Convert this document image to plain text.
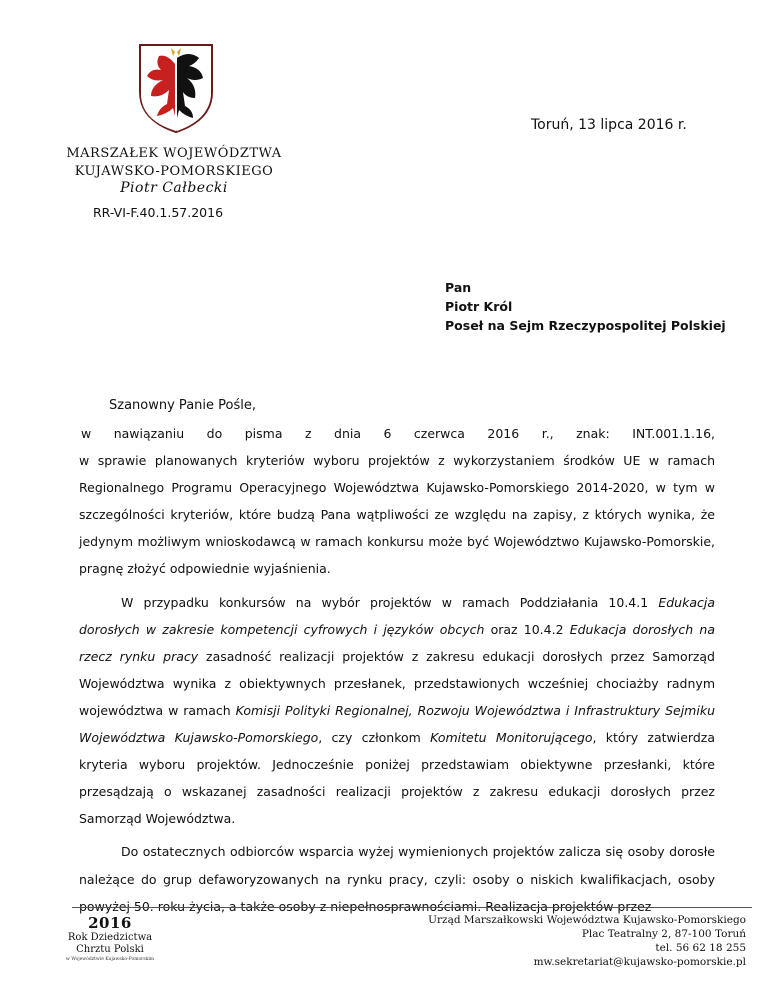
Toruń, 13 lipca 2016 r.
MARSZAŁEK WOJEWÓDZTWA
KUJAWSKO-POMORSKIEGO
Piotr Całbecki
RR-VI-F.40.1.57.2016
Pan
Piotr Król
Poseł na Sejm Rzeczypospolitej Polskiej
Szanowny Panie Pośle,

w nawiązaniu do pisma z dnia 6 czerwca 2016 r., znak: INT.001.1.16,
w sprawie planowanych kryteriów wyboru projektów z wykorzystaniem środków UE w ramach Regionalnego Programu Operacyjnego Województwa Kujawsko-Pomorskiego 2014-2020, w tym w szczególności kryteriów, które budzą Pana wątpliwości ze względu na zapisy, z których wynika, że jedynym możliwym wnioskodawcą w ramach konkursu może być Województwo Kujawsko-Pomorskie, pragnę złożyć odpowiednie wyjaśnienia.

W przypadku konkursów na wybór projektów w ramach Poddziałania 10.4.1 Edukacja dorosłych w zakresie kompetencji cyfrowych i języków obcych oraz 10.4.2 Edukacja dorosłych na rzecz rynku pracy zasadność realizacji projektów z zakresu edukacji dorosłych przez Samorząd Województwa wynika z obiektywnych przesłanek, przedstawionych wcześniej chociażby radnym województwa w ramach Komisji Polityki Regionalnej, Rozwoju Województwa i Infrastruktury Sejmiku Województwa Kujawsko-Pomorskiego, czy członkom Komitetu Monitorującego, który zatwierdza kryteria wyboru projektów. Jednocześnie poniżej przedstawiam obiektywne przesłanki, które przesądzają o wskazanej zasadności realizacji projektów z zakresu edukacji dorosłych przez Samorząd Województwa.

Do ostatecznych odbiorców wsparcia wyżej wymienionych projektów zalicza się osoby dorosłe należące do grup defaworyzowanych na rynku pracy, czyli: osoby o niskich kwalifikacjach, osoby powyżej 50. roku życia, a także osoby z niepełnosprawnościami. Realizacja projektów przez

2016
Rok Dziedzictwa
Chrztu Polski
w Województwie Kujawsko-Pomorskim
Urząd Marszałkowski Województwa Kujawsko-Pomorskiego
Plac Teatralny 2, 87-100 Toruń
tel. 56 62 18 255
mw.sekretariat@kujawsko-pomorskie.pl
